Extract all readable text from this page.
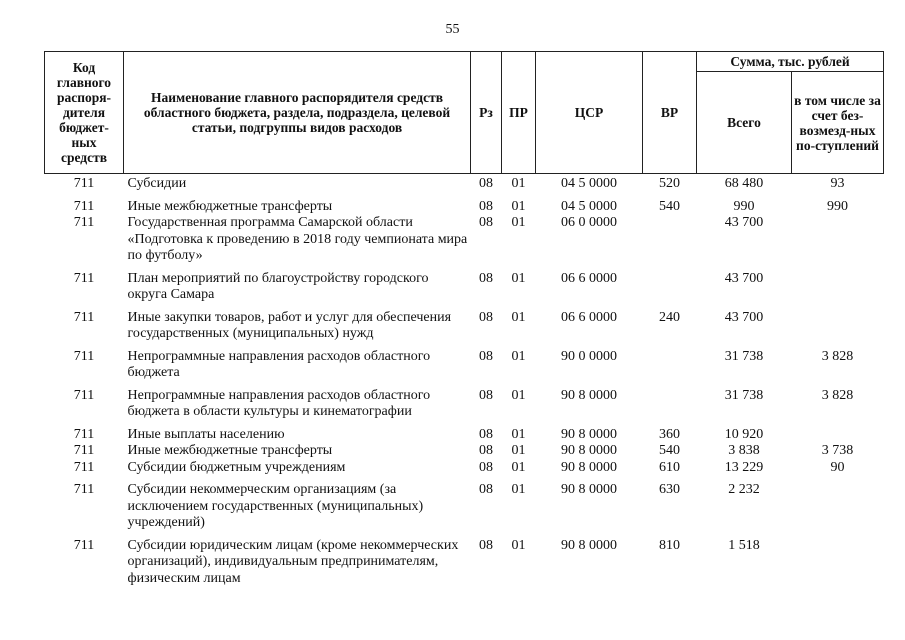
55
Код главного распоря-дителя бюджет-ных средств	Наименование главного распорядителя средств областного бюджета, раздела, подраздела, целевой статьи, подгруппы видов расходов	Рз	ПР	ЦСР	ВР	Сумма, тыс. рублей	
						Всего	в том числе за счет без-возмезд-ных по-ступлений
711	Субсидии	08	01	04 5 0000	520	68 480	93
711	Иные межбюджетные трансферты	08	01	04 5 0000	540	990	990
711	Государственная программа Самарской области «Подготовка к проведению в 2018 году чемпионата мира по футболу»	08	01	06 0 0000		43 700	
711	План мероприятий по благоустройству городского округа Самара	08	01	06 6 0000		43 700	
711	Иные закупки товаров, работ и услуг для обеспечения государственных (муниципальных) нужд	08	01	06 6 0000	240	43 700	
711	Непрограммные направления расходов областного бюджета	08	01	90 0 0000		31 738	3 828
711	Непрограммные направления расходов областного бюджета в области культуры и кинематографии	08	01	90 8 0000		31 738	3 828
711	Иные выплаты населению	08	01	90 8 0000	360	10 920	
711	Иные межбюджетные трансферты	08	01	90 8 0000	540	3 838	3 738
711	Субсидии бюджетным учреждениям	08	01	90 8 0000	610	13 229	90
711	Субсидии некоммерческим организациям (за исключением государственных (муниципальных) учреждений)	08	01	90 8 0000	630	2 232	
711	Субсидии юридическим лицам (кроме некоммерческих организаций), индивидуальным предпринимателям, физическим лицам	08	01	90 8 0000	810	1 518	
